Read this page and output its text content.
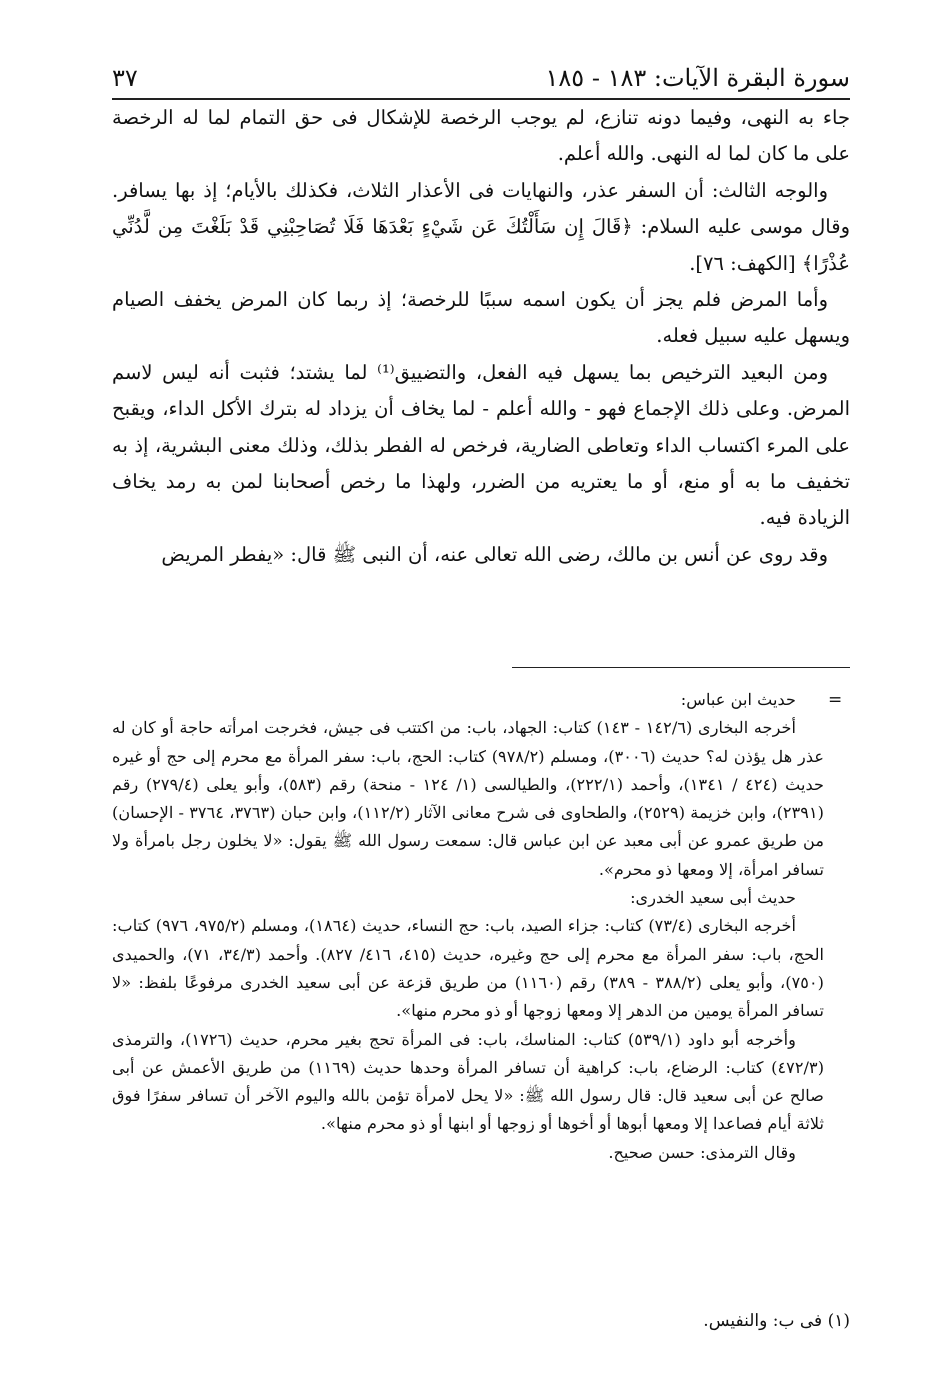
٣٧	سورة البقرة الآيات: ١٨٣ - ١٨٥

جاء به النهى، وفيما دونه تنازع، لم يوجب الرخصة للإشكال فى حق التمام لما له الرخصة على ما كان لما له النهى. والله أعلم.

والوجه الثالث: أن السفر عذر، والنهايات فى الأعذار الثلاث، فكذلك بالأيام؛ إذ بها يسافر. وقال موسى عليه السلام: ﴿قَالَ إِن سَأَلْتُكَ عَن شَيْءٍ بَعْدَهَا فَلَا تُصَاحِبْنِي قَدْ بَلَغْتَ مِن لَّدُنِّي عُذْرًا﴾ [الكهف: ٧٦].

وأما المرض فلم يجز أن يكون اسمه سببًا للرخصة؛ إذ ربما كان المرض يخفف الصيام ويسهل عليه سبيل فعله.

ومن البعيد الترخيص بما يسهل فيه الفعل، والتضييق⁽¹⁾ لما يشتد؛ فثبت أنه ليس لاسم المرض. وعلى ذلك الإجماع فهو - والله أعلم - لما يخاف أن يزداد له بترك الأكل الداء، ويقبح على المرء اكتساب الداء وتعاطى الضارية، فرخص له الفطر بذلك، وذلك معنى البشرية، إذ به تخفيف ما به أو منع، أو ما يعتريه من الضرر، ولهذا ما رخص أصحابنا لمن به رمد يخاف الزيادة فيه.

وقد روى عن أنس بن مالك، رضى الله تعالى عنه، أن النبى ﷺ قال: «يفطر المريض

=

حديث ابن عباس:

أخرجه البخارى (١٤٢/٦ - ١٤٣) كتاب: الجهاد، باب: من اكتتب فى جيش، فخرجت امرأته حاجة أو كان له عذر هل يؤذن له؟ حديث (٣٠٠٦)، ومسلم (٩٧٨/٢) كتاب: الحج، باب: سفر المرأة مع محرم إلى حج أو غيره حديث (٤٢٤ / ١٣٤١)، وأحمد (٢٢٢/١)، والطيالسى (١/ ١٢٤ - منحة) رقم (٥٨٣)، وأبو يعلى (٢٧٩/٤) رقم (٢٣٩١)، وابن خزيمة (٢٥٢٩)، والطحاوى فى شرح معانى الآثار (١١٢/٢)، وابن حبان (٣٧٦٣، ٣٧٦٤ - الإحسان) من طريق عمرو عن أبى معبد عن ابن عباس قال: سمعت رسول الله ﷺ يقول: «لا يخلون رجل بامرأة ولا تسافر امرأة، إلا ومعها ذو محرم».

حديث أبى سعيد الخدرى:

أخرجه البخارى (٧٣/٤) كتاب: جزاء الصيد، باب: حج النساء، حديث (١٨٦٤)، ومسلم (٩٧٥/٢، ٩٧٦) كتاب: الحج، باب: سفر المرأة مع محرم إلى حج وغيره، حديث (٤١٥، ٤١٦/ ٨٢٧). وأحمد (٣٤/٣، ٧١)، والحميدى (٧٥٠)، وأبو يعلى (٣٨٨/٢ - ٣٨٩) رقم (١١٦٠) من طريق قزعة عن أبى سعيد الخدرى مرفوعًا بلفظ: «لا تسافر المرأة يومين من الدهر إلا ومعها زوجها أو ذو محرم منها».

وأخرجه أبو داود (٥٣٩/١) كتاب: المناسك، باب: فى المرأة تحج بغير محرم، حديث (١٧٢٦)، والترمذى (٤٧٢/٣) كتاب: الرضاع، باب: كراهية أن تسافر المرأة وحدها حديث (١١٦٩) من طريق الأعمش عن أبى صالح عن أبى سعيد قال: قال رسول الله ﷺ: «لا يحل لامرأة تؤمن بالله واليوم الآخر أن تسافر سفرًا فوق ثلاثة أيام فصاعدا إلا ومعها أبوها أو أخوها أو زوجها أو ابنها أو ذو محرم منها».

وقال الترمذى: حسن صحيح.

(١) فى ب: والنفيس.
